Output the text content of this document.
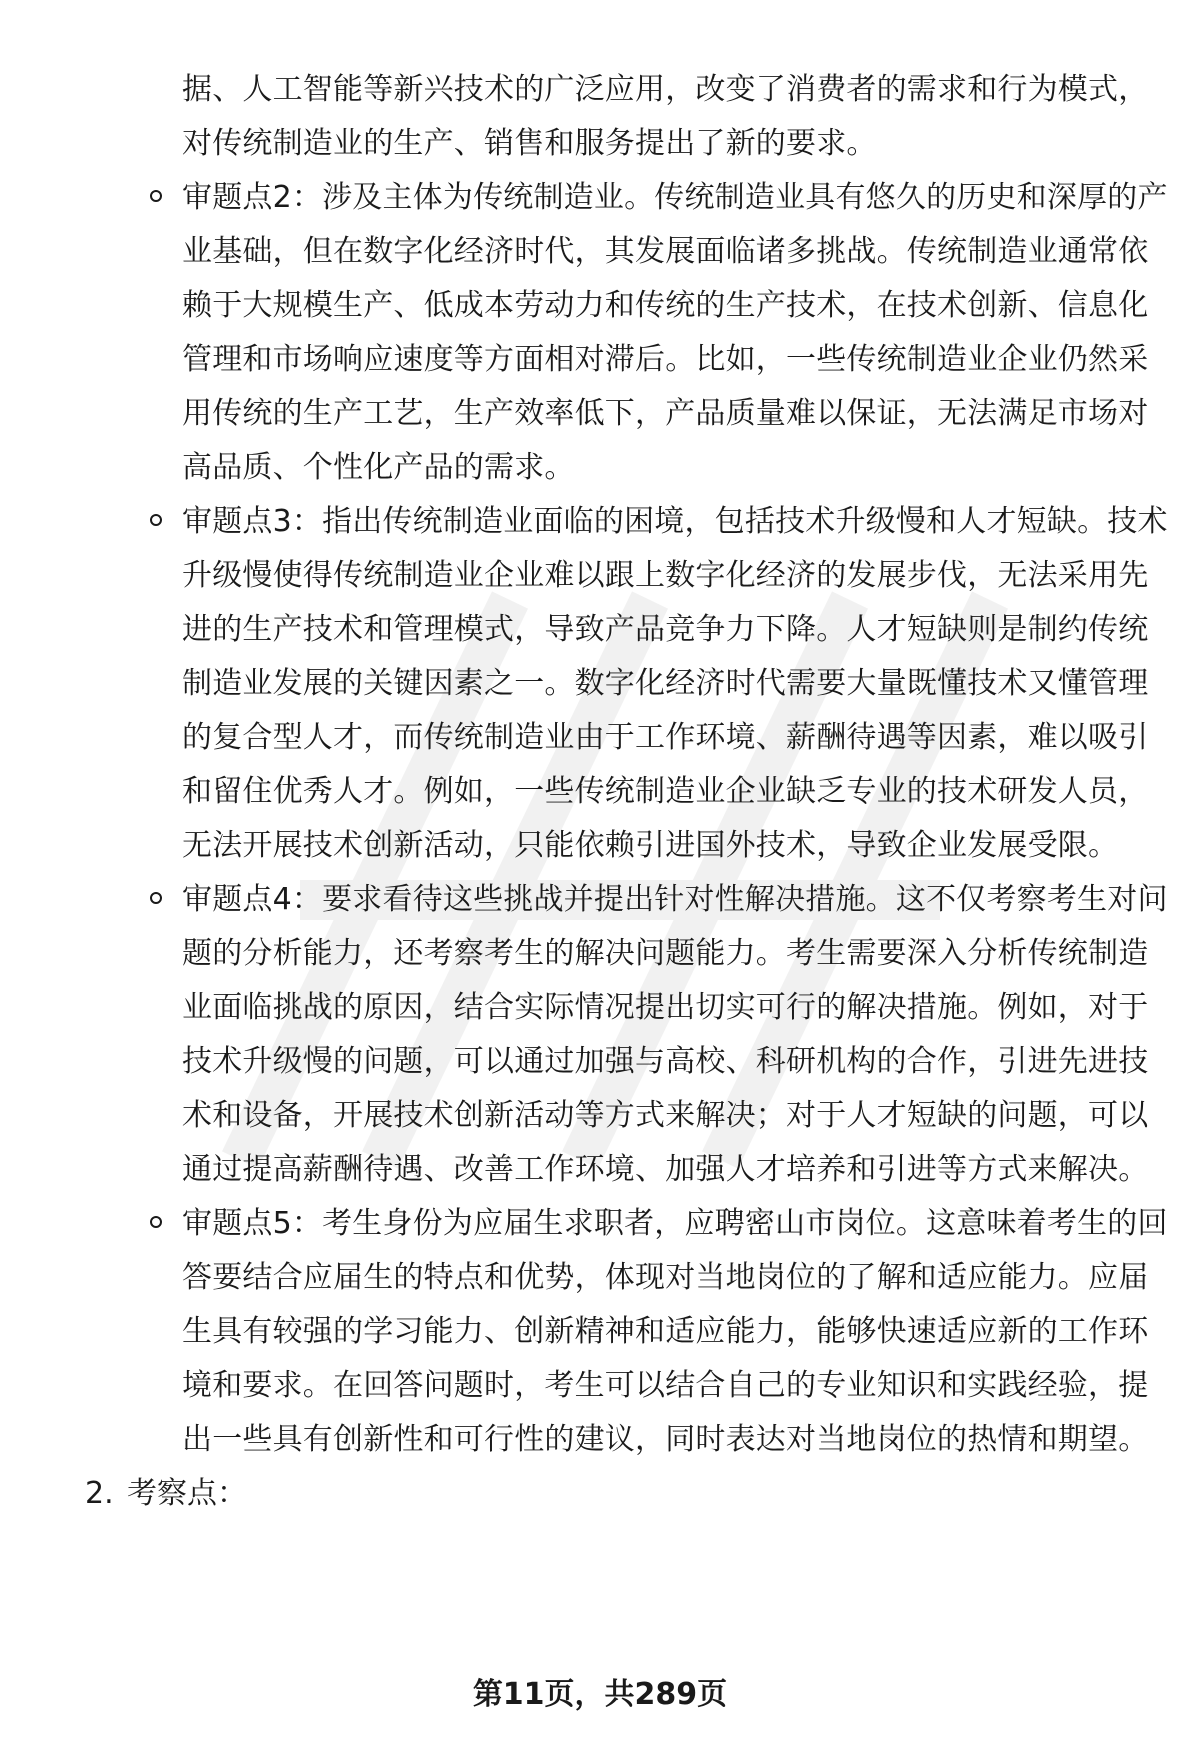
据、人工智能等新兴技术的广泛应用，改变了消费者的需求和行为模式，
对传统制造业的生产、销售和服务提出了新的要求。
审题点2：涉及主体为传统制造业。传统制造业具有悠久的历史和深厚的产
业基础，但在数字化经济时代，其发展面临诸多挑战。传统制造业通常依
赖于大规模生产、低成本劳动力和传统的生产技术，在技术创新、信息化
管理和市场响应速度等方面相对滞后。比如，一些传统制造业企业仍然采
用传统的生产工艺，生产效率低下，产品质量难以保证，无法满足市场对
高品质、个性化产品的需求。
审题点3：指出传统制造业面临的困境，包括技术升级慢和人才短缺。技术
升级慢使得传统制造业企业难以跟上数字化经济的发展步伐，无法采用先
进的生产技术和管理模式，导致产品竞争力下降。人才短缺则是制约传统
制造业发展的关键因素之一。数字化经济时代需要大量既懂技术又懂管理
的复合型人才，而传统制造业由于工作环境、薪酬待遇等因素，难以吸引
和留住优秀人才。例如，一些传统制造业企业缺乏专业的技术研发人员，
无法开展技术创新活动，只能依赖引进国外技术，导致企业发展受限。
审题点4：要求看待这些挑战并提出针对性解决措施。这不仅考察考生对问
题的分析能力，还考察考生的解决问题能力。考生需要深入分析传统制造
业面临挑战的原因，结合实际情况提出切实可行的解决措施。例如，对于
技术升级慢的问题，可以通过加强与高校、科研机构的合作，引进先进技
术和设备，开展技术创新活动等方式来解决；对于人才短缺的问题，可以
通过提高薪酬待遇、改善工作环境、加强人才培养和引进等方式来解决。
审题点5：考生身份为应届生求职者，应聘密山市岗位。这意味着考生的回
答要结合应届生的特点和优势，体现对当地岗位的了解和适应能力。应届
生具有较强的学习能力、创新精神和适应能力，能够快速适应新的工作环
境和要求。在回答问题时，考生可以结合自己的专业知识和实践经验，提
出一些具有创新性和可行性的建议，同时表达对当地岗位的热情和期望。
2. 考察点：
第11页，共289页
